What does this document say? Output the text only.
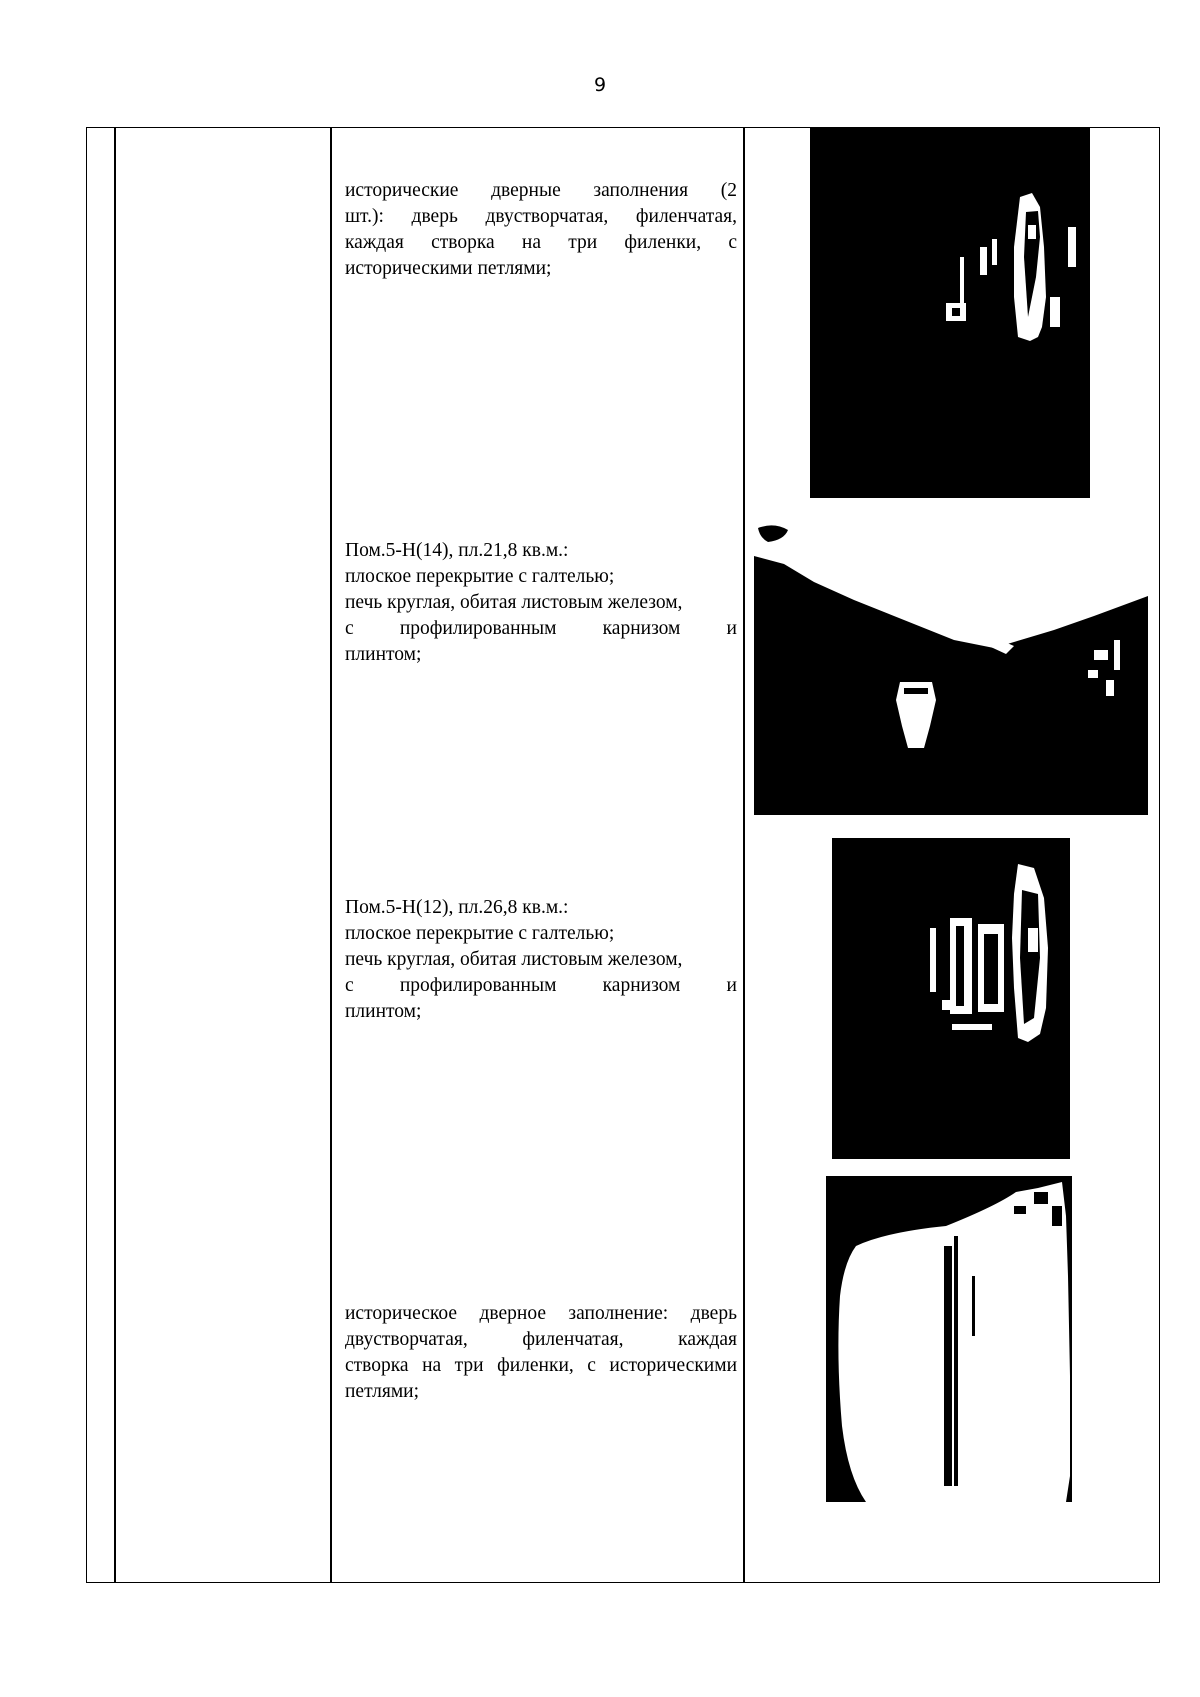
9

исторические дверные заполнения (2

шт.): дверь двустворчатая, филенчатая,

каждая створка на три филенки, с

историческими петлями;

Пом.5-Н(14), пл.21,8 кв.м.:

плоское перекрытие с галтелью;

печь круглая, обитая листовым железом,

с профилированным карнизом и

плинтом;

Пом.5-Н(12), пл.26,8 кв.м.:

плоское перекрытие с галтелью;

печь круглая, обитая листовым железом,

с профилированным карнизом и

плинтом;

историческое дверное заполнение: дверь

двустворчатая, филенчатая, каждая

створка на три филенки, с историческими

петлями;
